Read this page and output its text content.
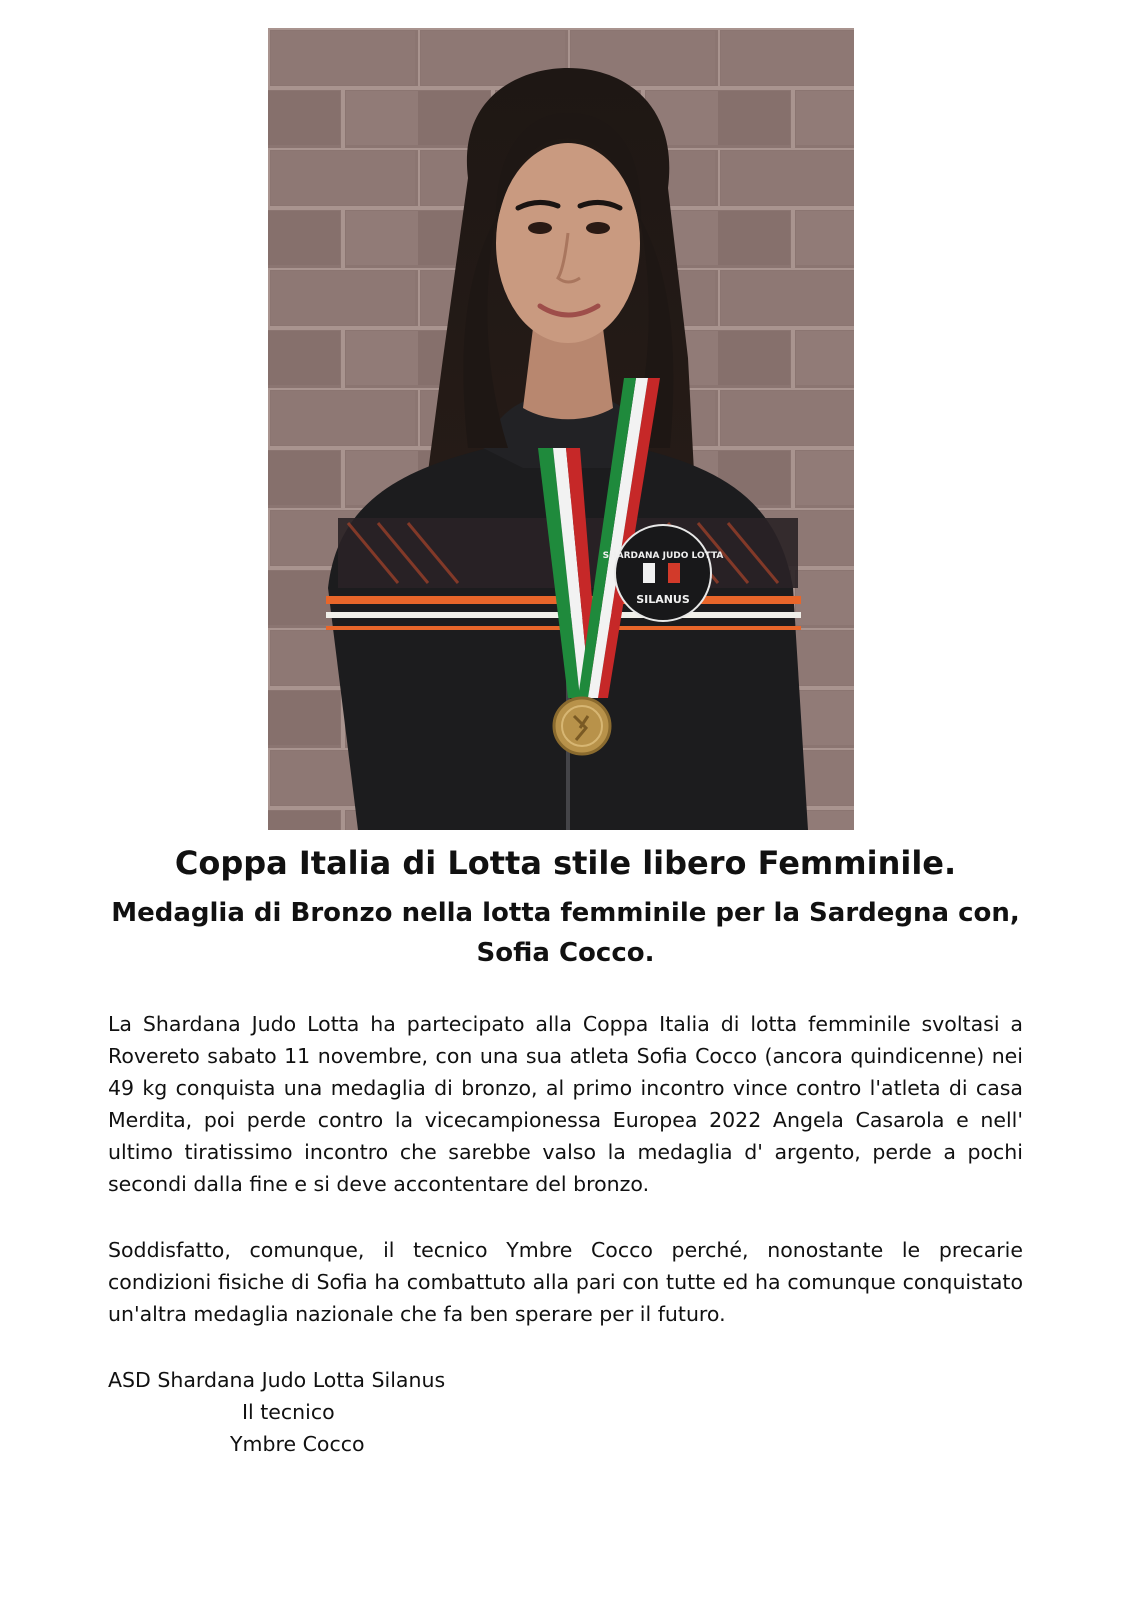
SHARDANA JUDO LOTTA
SILANUS
Coppa Italia di Lotta stile libero Femminile.
Medaglia di Bronzo nella lotta femminile per la Sardegna con, Sofia Cocco.

La Shardana Judo Lotta ha partecipato alla Coppa Italia di lotta femminile svoltasi a Rovereto sabato 11 novembre, con una sua atleta Sofia Cocco (ancora quindicenne) nei 49 kg conquista una medaglia di bronzo, al primo incontro vince contro l'atleta di casa Merdita, poi perde contro la vicecampionessa Europea 2022 Angela Casarola e nell' ultimo tiratissimo incontro che sarebbe valso la medaglia d' argento, perde a pochi secondi dalla fine e si deve accontentare del bronzo.

Soddisfatto, comunque, il tecnico Ymbre Cocco perché, nonostante le precarie condizioni fisiche di Sofia ha combattuto alla pari con tutte ed ha comunque conquistato un'altra medaglia nazionale che fa ben sperare per il futuro.

ASD Shardana Judo Lotta Silanus

Il tecnico

Ymbre Cocco
